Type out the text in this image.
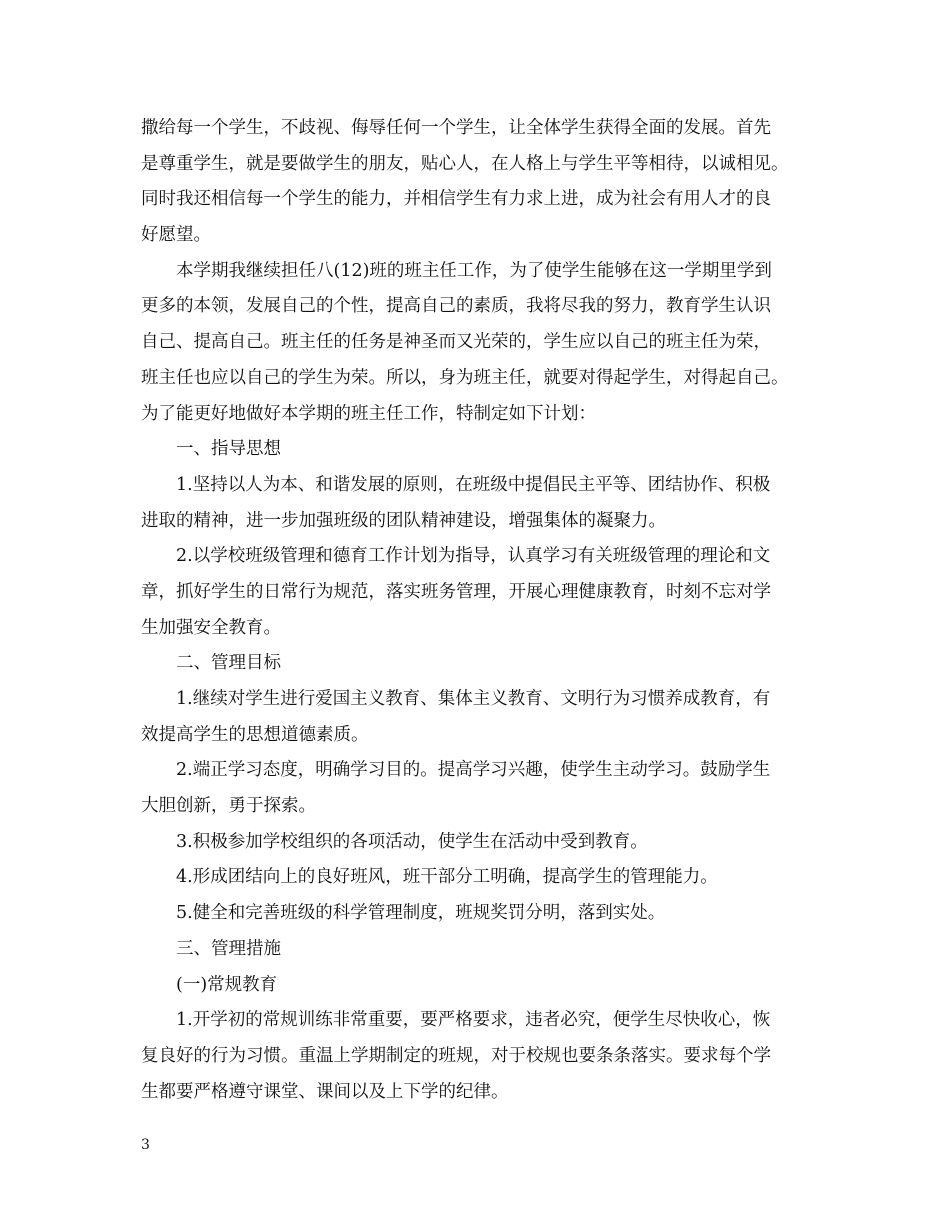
撒给每一个学生，不歧视、侮辱任何一个学生，让全体学生获得全面的发展。首先
是尊重学生，就是要做学生的朋友，贴心人，在人格上与学生平等相待，以诚相见。
同时我还相信每一个学生的能力，并相信学生有力求上进，成为社会有用人才的良
好愿望。
本学期我继续担任八(12)班的班主任工作，为了使学生能够在这一学期里学到
更多的本领，发展自己的个性，提高自己的素质，我将尽我的努力，教育学生认识
自己、提高自己。班主任的任务是神圣而又光荣的，学生应以自己的班主任为荣，
班主任也应以自己的学生为荣。所以，身为班主任，就要对得起学生，对得起自己。
为了能更好地做好本学期的班主任工作，特制定如下计划：
一、指导思想
1.坚持以人为本、和谐发展的原则，在班级中提倡民主平等、团结协作、积极
进取的精神，进一步加强班级的团队精神建设，增强集体的凝聚力。
2.以学校班级管理和德育工作计划为指导，认真学习有关班级管理的理论和文
章，抓好学生的日常行为规范，落实班务管理，开展心理健康教育，时刻不忘对学
生加强安全教育。
二、管理目标
1.继续对学生进行爱国主义教育、集体主义教育、文明行为习惯养成教育，有
效提高学生的思想道德素质。
2.端正学习态度，明确学习目的。提高学习兴趣，使学生主动学习。鼓励学生
大胆创新，勇于探索。
3.积极参加学校组织的各项活动，使学生在活动中受到教育。
4.形成团结向上的良好班风，班干部分工明确，提高学生的管理能力。
5.健全和完善班级的科学管理制度，班规奖罚分明，落到实处。
三、管理措施
(一)常规教育
1.开学初的常规训练非常重要，要严格要求，违者必究，便学生尽快收心，恢
复良好的行为习惯。重温上学期制定的班规，对于校规也要条条落实。要求每个学
生都要严格遵守课堂、课间以及上下学的纪律。
3
